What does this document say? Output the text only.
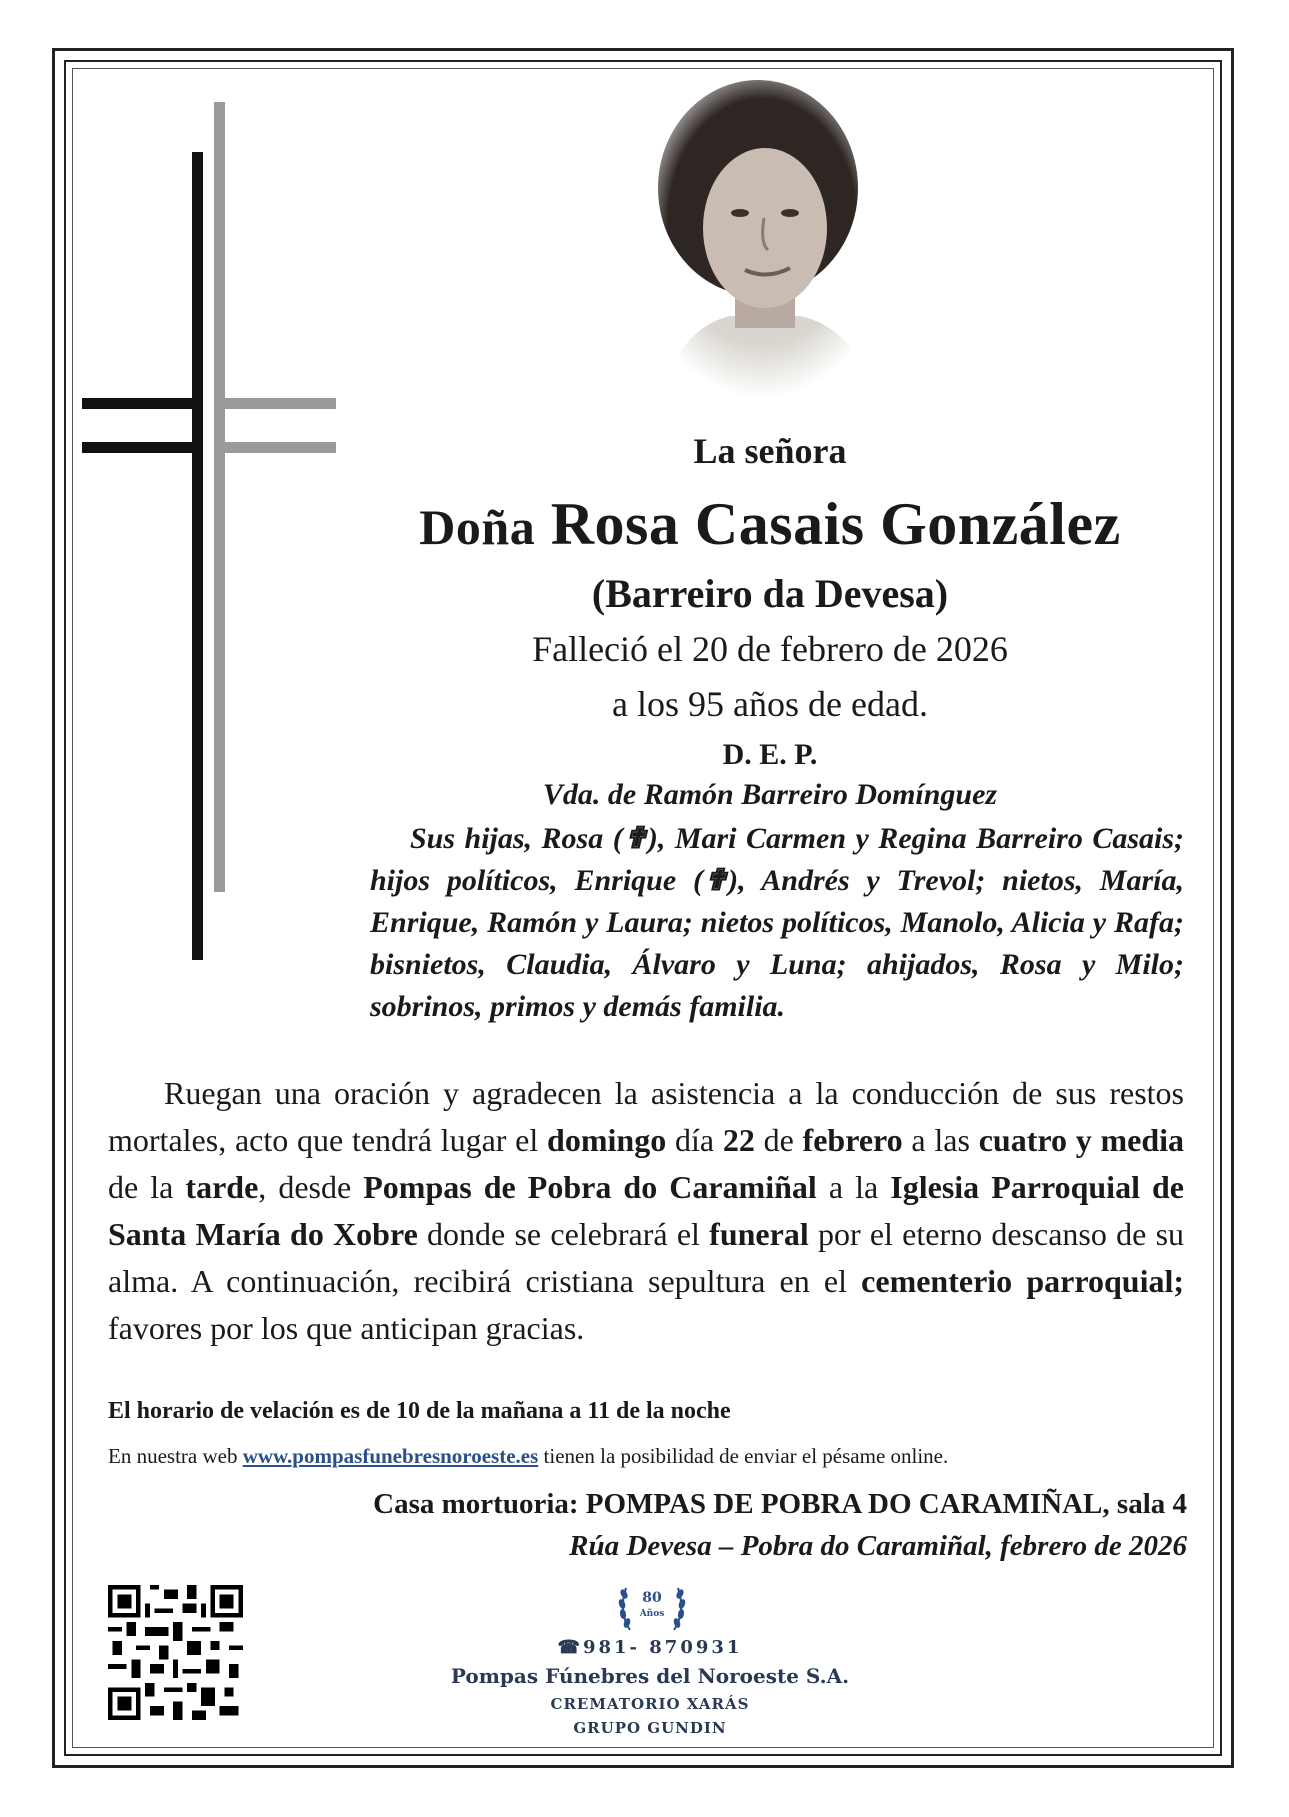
La señora
Doña Rosa Casais González
(Barreiro da Devesa)
Falleció el 20 de febrero de 2026
a los 95 años de edad.
D. E. P.
Vda. de Ramón Barreiro Domínguez
Sus hijas, Rosa (✟), Mari Carmen y Regina Barreiro Casais; hijos políticos, Enrique (✟), Andrés y Trevol; nietos, María, Enrique, Ramón y Laura; nietos políticos, Manolo, Alicia y Rafa; bisnietos, Claudia, Álvaro y Luna; ahijados, Rosa y Milo; sobrinos, primos y demás familia.
Ruegan una oración y agradecen la asistencia a la conducción de sus restos mortales, acto que tendrá lugar el domingo día 22 de febrero a las cuatro y media de la tarde, desde Pompas de Pobra do Caramiñal a la Iglesia Parroquial de Santa María do Xobre donde se celebrará el funeral por el eterno descanso de su alma. A continuación, recibirá cristiana sepultura en el cementerio parroquial; favores por los que anticipan gracias.
El horario de velación es de 10 de la mañana a 11 de la noche
En nuestra web www.pompasfunebresnoroeste.es tienen la posibilidad de enviar el pésame online.
Casa mortuoria: POMPAS DE POBRA DO CARAMIÑAL, sala 4
Rúa Devesa – Pobra do Caramiñal, febrero de 2026
80
Años
☎981- 870931
Pompas Fúnebres del Noroeste S.A.
CREMATORIO XARÁS
GRUPO GUNDIN
